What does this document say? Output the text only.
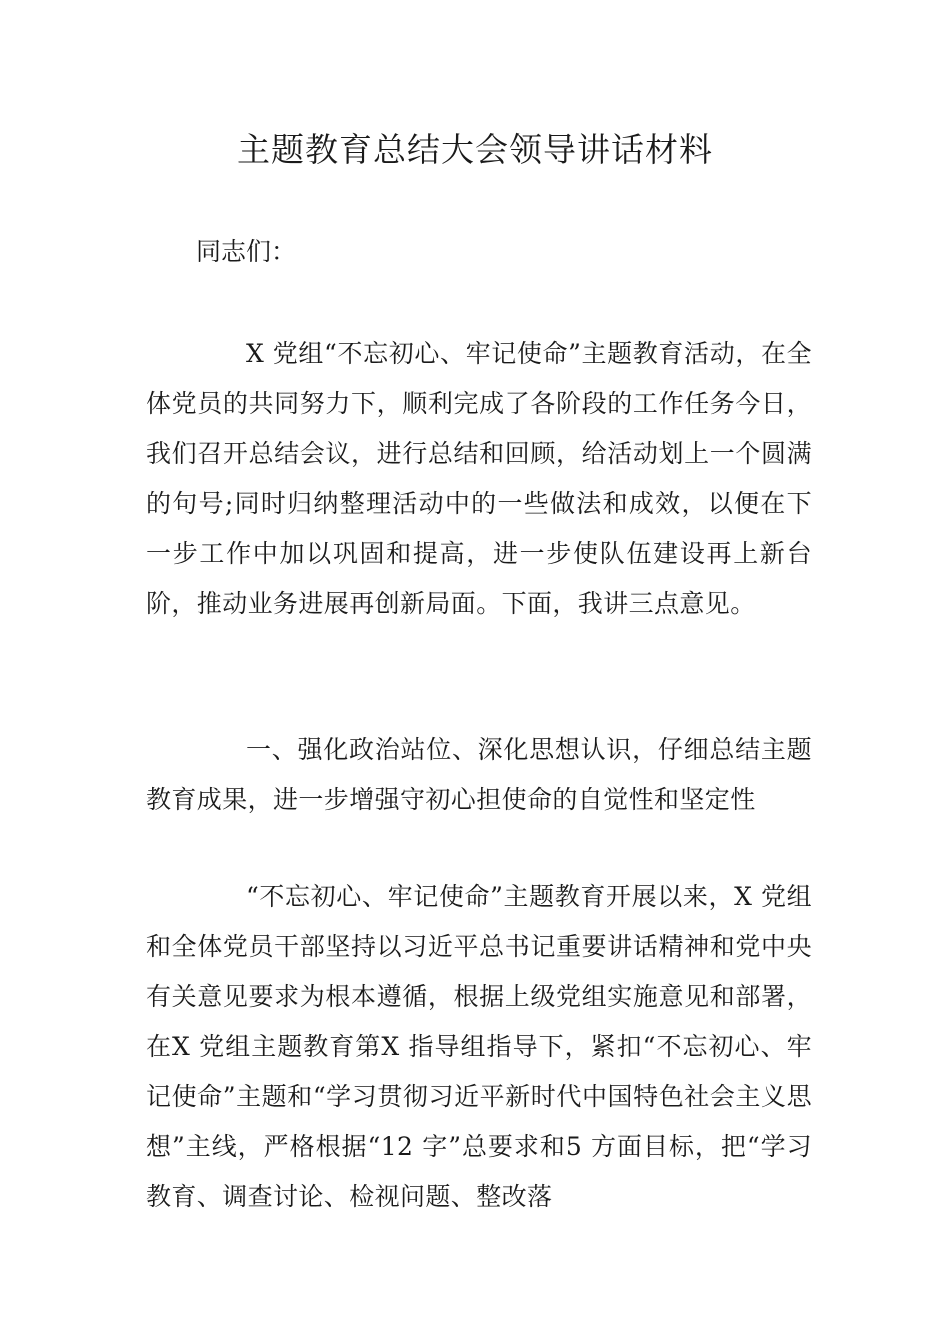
主题教育总结大会领导讲话材料
同志们：
X 党组“不忘初心、牢记使命”主题教育活动，在全体党员的共同努力下，顺利完成了各阶段的工作任务今日，我们召开总结会议，进行总结和回顾，给活动划上一个圆满的句号;同时归纳整理活动中的一些做法和成效，以便在下一步工作中加以巩固和提高，进一步使队伍建设再上新台阶，推动业务进展再创新局面。下面，我讲三点意见。
一、强化政治站位、深化思想认识，仔细总结主题教育成果，进一步增强守初心担使命的自觉性和坚定性
“不忘初心、牢记使命”主题教育开展以来，X 党组和全体党员干部坚持以习近平总书记重要讲话精神和党中央有关意见要求为根本遵循，根据上级党组实施意见和部署，在X 党组主题教育第X 指导组指导下，紧扣“不忘初心、牢记使命”主题和“学习贯彻习近平新时代中国特色社会主义思想”主线，严格根据“12 字”总要求和5 方面目标，把“学习教育、调查讨论、检视问题、整改落
